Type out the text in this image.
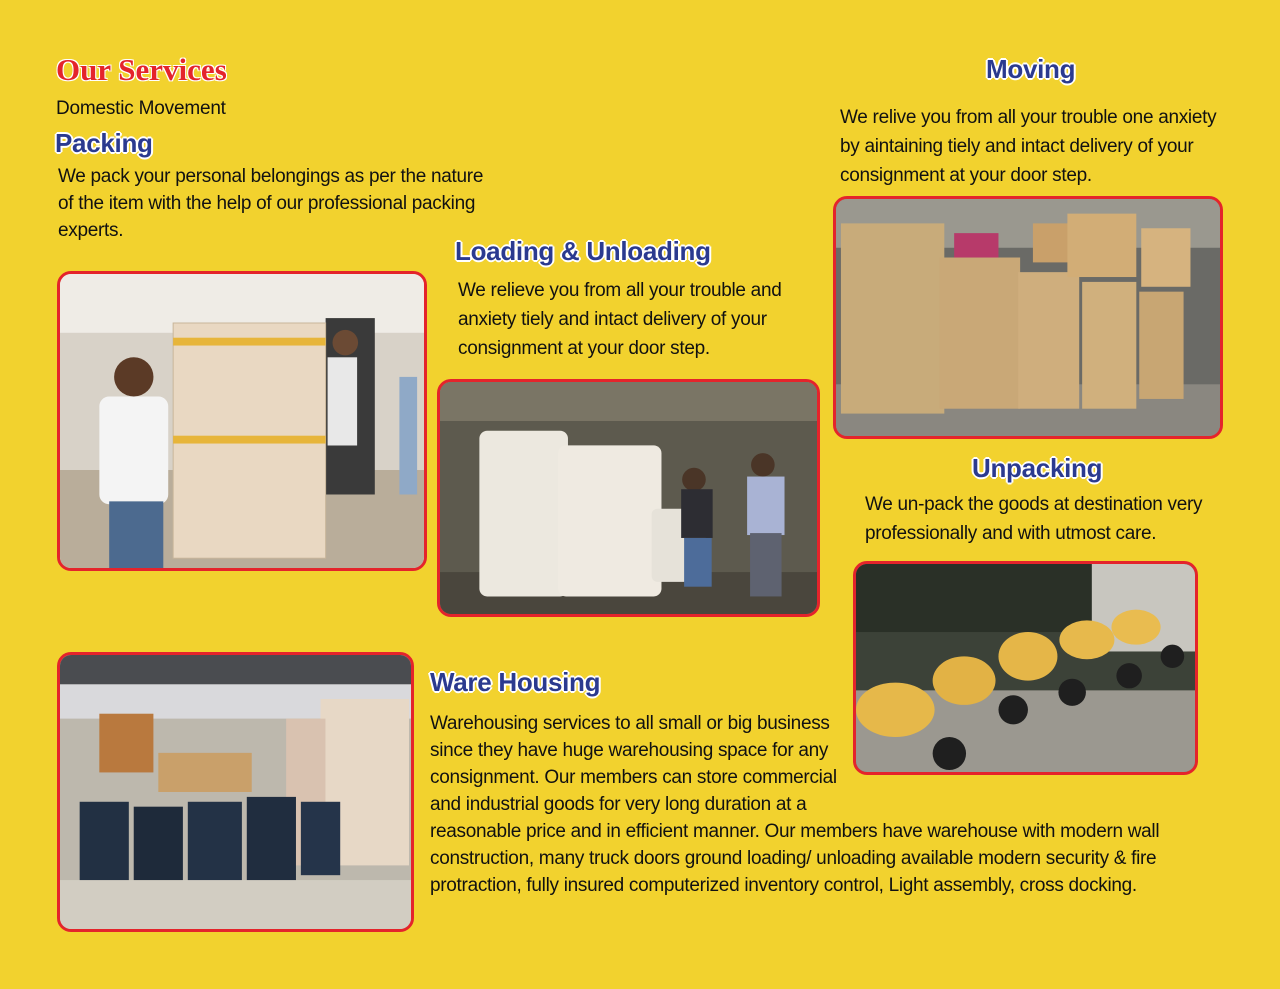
Our Services
Domestic Movement
Packing
We pack your personal belongings as per the nature of the item with the help of our professional packing experts.
Loading & Unloading
We relieve you from all your trouble and anxiety tiely and intact delivery of your consignment at your door step.
Moving
We relive you from all your trouble one anxiety by aintaining tiely and intact delivery of your consignment at your door step.
Unpacking
We un-pack the goods at destination very professionally and with utmost care.
Ware Housing
Warehousing services to all small or big business
since they have huge warehousing space for any
consignment. Our members can store commercial
and industrial goods for very long duration at a
reasonable price and in efficient manner. Our members have warehouse with modern wall
construction, many truck doors ground loading/ unloading available modern security & fire
protraction, fully insured computerized inventory control, Light assembly, cross docking.
